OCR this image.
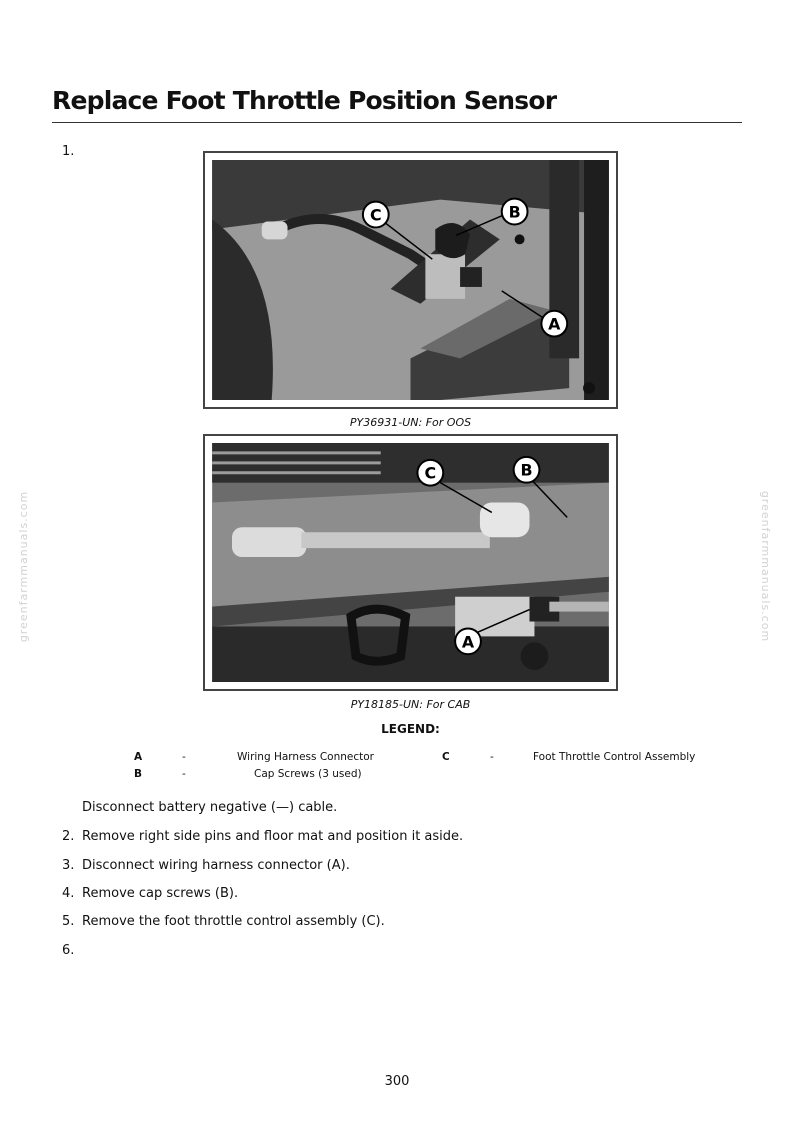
Replace Foot Throttle Position Sensor
1.
C	B
A
PY36931-UN: For OOS
C	B
A
PY18185-UN: For CAB
LEGEND:
A	-	Wiring Harness Connector	C	-	Foot Throttle Control Assembly
B	-	Cap Screws (3 used)
Disconnect battery negative (—) cable.
2. Remove right side pins and floor mat and position it aside.
3. Disconnect wiring harness connector (A).
4. Remove cap screws (B).
5. Remove the foot throttle control assembly (C).
6.
300
greenfarmmanuals.com	greenfarmmanuals.com
